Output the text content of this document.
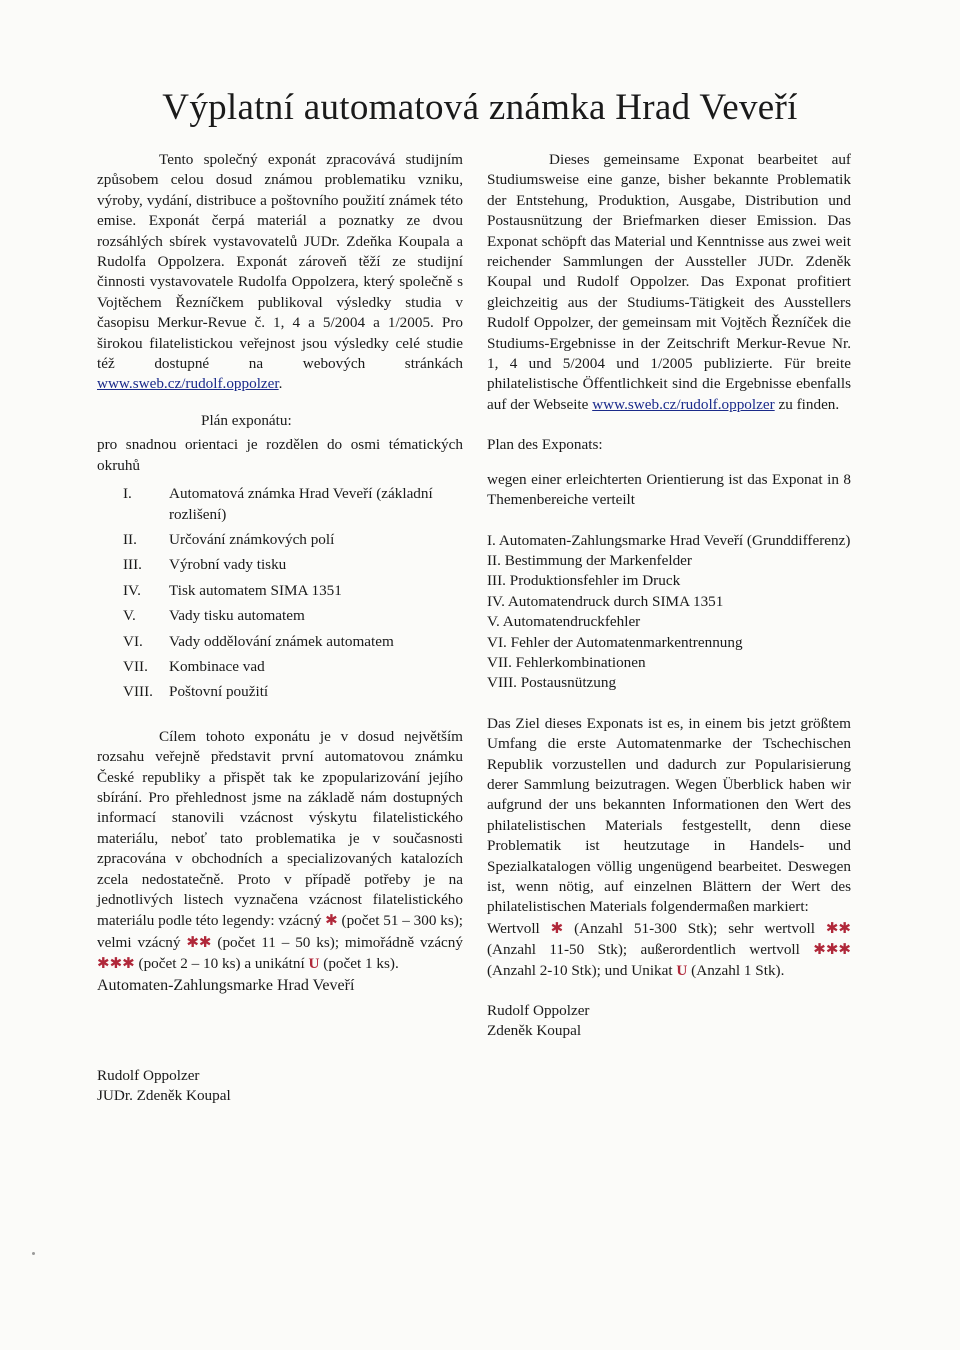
Výplatní automatová známka Hrad Veveří

Tento společný exponát zpracovává studijním způsobem celou dosud známou problematiku vzniku, výroby, vydání, distribuce a poštovního použití známek této emise. Exponát čerpá materiál a poznatky ze dvou rozsáhlých sbírek vystavovatelů JUDr. Zdeňka Koupala a Rudolfa Oppolzera. Exponát zároveň těží ze studijní činnosti vystavovatele Rudolfa Oppolzera, který společně s Vojtěchem Řezníčkem publikoval výsledky studia v časopisu Merkur-Revue č. 1, 4 a 5/2004 a 1/2005. Pro širokou filatelistickou veřejnost jsou výsledky celé studie též dostupné na webových stránkách www.sweb.cz/rudolf.oppolzer.

Plán exponátu:

pro snadnou orientaci je rozdělen do osmi tématických okruhů

I.	Automatová známka Hrad Veveří (základní rozlišení)
II.	Určování známkových polí
III.	Výrobní vady tisku
IV.	Tisk automatem SIMA 1351
V.	Vady tisku automatem
VI.	Vady oddělování známek automatem
VII.	Kombinace vad
VIII.	Poštovní použití

Cílem tohoto exponátu je v dosud největším rozsahu veřejně představit první automatovou známku České republiky a přispět tak ke zpopularizování jejího sbírání. Pro přehlednost jsme na základě nám dostupných informací stanovili vzácnost výskytu filatelistického materiálu, neboť tato problematika je v současnosti zpracována v obchodních a specializovaných katalozích zcela nedostatečně. Proto v případě potřeby je na jednotlivých listech vyznačena vzácnost filatelistického materiálu podle této legendy: vzácný ✱ (počet 51 – 300 ks); velmi vzácný ✱✱ (počet 11 – 50 ks); mimořádně vzácný ✱✱✱ (počet 2 – 10 ks) a unikátní U (počet 1 ks).

Automaten-Zahlungsmarke Hrad Veveří

Rudolf Oppolzer

JUDr. Zdeněk Koupal

Dieses gemeinsame Exponat bearbeitet auf Studiumsweise eine ganze, bisher bekannte Problematik der Entstehung, Produktion, Ausgabe, Distribution und Postausnützung der Briefmarken dieser Emission. Das Exponat schöpft das Material und Kenntnisse aus zwei weit reichender Sammlungen der Aussteller JUDr. Zdeněk Koupal und Rudolf Oppolzer. Das Exponat profitiert gleichzeitig aus der Studiums-Tätigkeit des Ausstellers Rudolf Oppolzer, der gemeinsam mit Vojtěch Řezníček die Studiums-Ergebnisse in der Zeitschrift Merkur-Revue Nr. 1, 4 und 5/2004 und 1/2005 publizierte. Für breite philatelistische Öffentlichkeit sind die Ergebnisse ebenfalls auf der Webseite www.sweb.cz/rudolf.oppolzer zu finden.

Plan des Exponats:

wegen einer erleichterten Orientierung ist das Exponat in 8 Themenbereiche verteilt

I. Automaten-Zahlungsmarke Hrad Veveří (Grunddifferenz)
II. Bestimmung der Markenfelder
III. Produktionsfehler im Druck
IV. Automatendruck durch SIMA 1351
V. Automatendruckfehler
VI. Fehler der Automatenmarkentrennung
VII. Fehlerkombinationen
VIII. Postausnützung

Das Ziel dieses Exponats ist es, in einem bis jetzt größtem Umfang die erste Automatenmarke der Tschechischen Republik vorzustellen und dadurch zur Popularisierung derer Sammlung beizutragen. Wegen Überblick haben wir aufgrund der uns bekannten Informationen den Wert des philatelistischen Materials festgestellt, denn diese Problematik ist heutzutage in Handels- und Spezialkatalogen völlig ungenügend bearbeitet. Deswegen ist, wenn nötig, auf einzelnen Blättern der Wert des philatelistischen Materials folgendermaßen markiert:

Wertvoll ✱ (Anzahl 51-300 Stk); sehr wertvoll ✱✱ (Anzahl 11-50 Stk); außerordentlich wertvoll ✱✱✱ (Anzahl 2-10 Stk); und Unikat U (Anzahl 1 Stk).

Rudolf Oppolzer

Zdeněk Koupal
